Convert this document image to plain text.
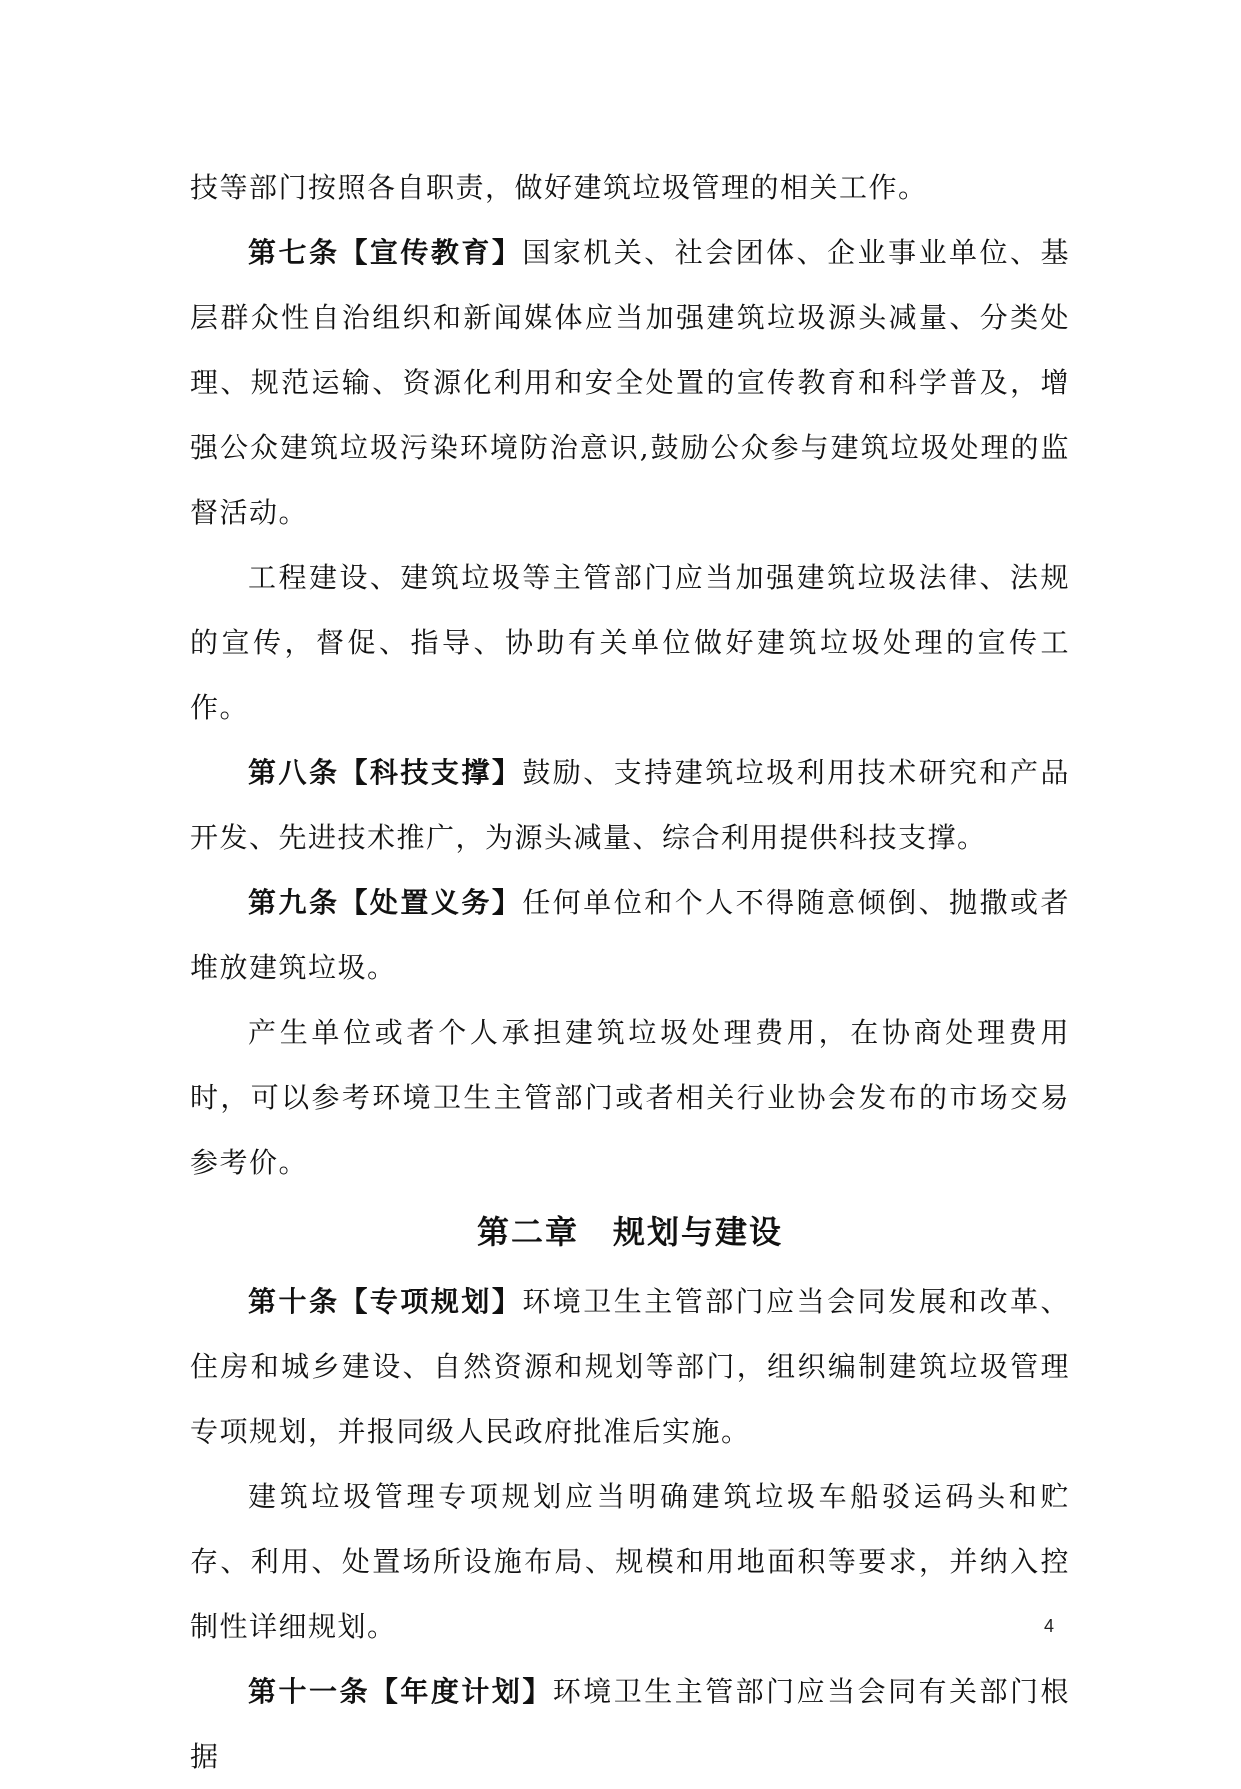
技等部门按照各自职责，做好建筑垃圾管理的相关工作。

第七条【宣传教育】国家机关、社会团体、企业事业单位、基层群众性自治组织和新闻媒体应当加强建筑垃圾源头减量、分类处理、规范运输、资源化利用和安全处置的宣传教育和科学普及，增强公众建筑垃圾污染环境防治意识,鼓励公众参与建筑垃圾处理的监督活动。

工程建设、建筑垃圾等主管部门应当加强建筑垃圾法律、法规的宣传，督促、指导、协助有关单位做好建筑垃圾处理的宣传工作。

第八条【科技支撑】鼓励、支持建筑垃圾利用技术研究和产品开发、先进技术推广，为源头减量、综合利用提供科技支撑。

第九条【处置义务】任何单位和个人不得随意倾倒、抛撒或者堆放建筑垃圾。

产生单位或者个人承担建筑垃圾处理费用，在协商处理费用时，可以参考环境卫生主管部门或者相关行业协会发布的市场交易参考价。

第二章　规划与建设

第十条【专项规划】环境卫生主管部门应当会同发展和改革、住房和城乡建设、自然资源和规划等部门，组织编制建筑垃圾管理专项规划，并报同级人民政府批准后实施。

建筑垃圾管理专项规划应当明确建筑垃圾车船驳运码头和贮存、利用、处置场所设施布局、规模和用地面积等要求，并纳入控制性详细规划。

第十一条【年度计划】环境卫生主管部门应当会同有关部门根据

4
